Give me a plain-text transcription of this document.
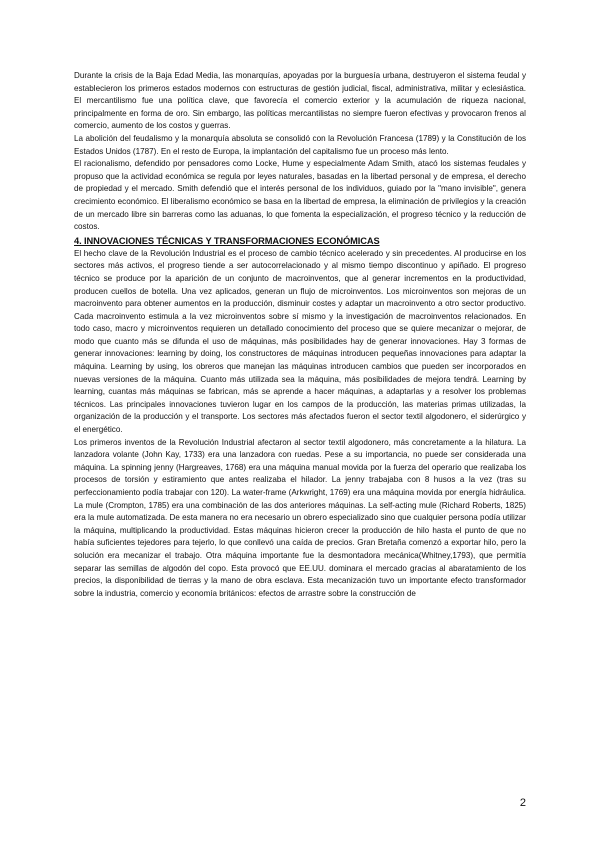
Durante la crisis de la Baja Edad Media, las monarquías, apoyadas por la burguesía urbana, destruyeron el sistema feudal y establecieron los primeros estados modernos con estructuras de gestión judicial, fiscal, administrativa, militar y eclesiástica. El mercantilismo fue una política clave, que favorecía el comercio exterior y la acumulación de riqueza nacional, principalmente en forma de oro. Sin embargo, las políticas mercantilistas no siempre fueron efectivas y provocaron frenos al comercio, aumento de los costos y guerras.

La abolición del feudalismo y la monarquía absoluta se consolidó con la Revolución Francesa (1789) y la Constitución de los Estados Unidos (1787). En el resto de Europa, la implantación del capitalismo fue un proceso más lento.

El racionalismo, defendido por pensadores como Locke, Hume y especialmente Adam Smith, atacó los sistemas feudales y propuso que la actividad económica se regula por leyes naturales, basadas en la libertad personal y de empresa, el derecho de propiedad y el mercado. Smith defendió que el interés personal de los individuos, guiado por la "mano invisible", genera crecimiento económico. El liberalismo económico se basa en la libertad de empresa, la eliminación de privilegios y la creación de un mercado libre sin barreras como las aduanas, lo que fomenta la especialización, el progreso técnico y la reducción de costos.

4. INNOVACIONES TÉCNICAS Y TRANSFORMACIONES ECONÓMICAS

El hecho clave de la Revolución Industrial es el proceso de cambio técnico acelerado y sin precedentes. Al producirse en los sectores más activos, el progreso tiende a ser autocorrelacionado y al mismo tiempo discontinuo y apiñado. El progreso técnico se produce por la aparición de un conjunto de macroinventos, que al generar incrementos en la productividad, producen cuellos de botella. Una vez aplicados, generan un flujo de microinventos. Los microinventos son mejoras de un macroinvento para obtener aumentos en la producción, disminuir costes y adaptar un macroinvento a otro sector productivo. Cada macroinvento estimula a la vez microinventos sobre sí mismo y la investigación de macroinventos relacionados. En todo caso, macro y microinventos requieren un detallado conocimiento del proceso que se quiere mecanizar o mejorar, de modo que cuanto más se difunda el uso de máquinas, más posibilidades hay de generar innovaciones. Hay 3 formas de generar innovaciones: learning by doing, los constructores de máquinas introducen pequeñas innovaciones para adaptar la máquina. Learning by using, los obreros que manejan las máquinas introducen cambios que pueden ser incorporados en nuevas versiones de la máquina. Cuanto más utilizada sea la máquina, más posibilidades de mejora tendrá. Learning by learning, cuantas más máquinas se fabrican, más se aprende a hacer máquinas, a adaptarlas y a resolver los problemas técnicos. Las principales innovaciones tuvieron lugar en los campos de la producción, las materias primas utilizadas, la organización de la producción y el transporte. Los sectores más afectados fueron el sector textil algodonero, el siderúrgico y el energético.

Los primeros inventos de la Revolución Industrial afectaron al sector textil algodonero, más concretamente a la hilatura. La lanzadora volante (John Kay, 1733) era una lanzadora con ruedas. Pese a su importancia, no puede ser considerada una máquina. La spinning jenny (Hargreaves, 1768) era una máquina manual movida por la fuerza del operario que realizaba los procesos de torsión y estiramiento que antes realizaba el hilador. La jenny trabajaba con 8 husos a la vez (tras su perfeccionamiento podía trabajar con 120). La water-frame (Arkwright, 1769) era una máquina movida por energía hidráulica. La mule (Crompton, 1785) era una combinación de las dos anteriores máquinas. La self-acting mule (Richard Roberts, 1825) era la mule automatizada. De esta manera no era necesario un obrero especializado sino que cualquier persona podía utilizar la máquina, multiplicando la productividad. Estas máquinas hicieron crecer la producción de hilo hasta el punto de que no había suficientes tejedores para tejerlo, lo que conllevó una caída de precios. Gran Bretaña comenzó a exportar hilo, pero la solución era mecanizar el trabajo. Otra máquina importante fue la desmontadora mecánica(Whitney,1793), que permitía separar las semillas de algodón del copo. Esta provocó que EE.UU. dominara el mercado gracias al abaratamiento de los precios, la disponibilidad de tierras y la mano de obra esclava. Esta mecanización tuvo un importante efecto transformador sobre la industria, comercio y economía británicos: efectos de arrastre sobre la construcción de

2
